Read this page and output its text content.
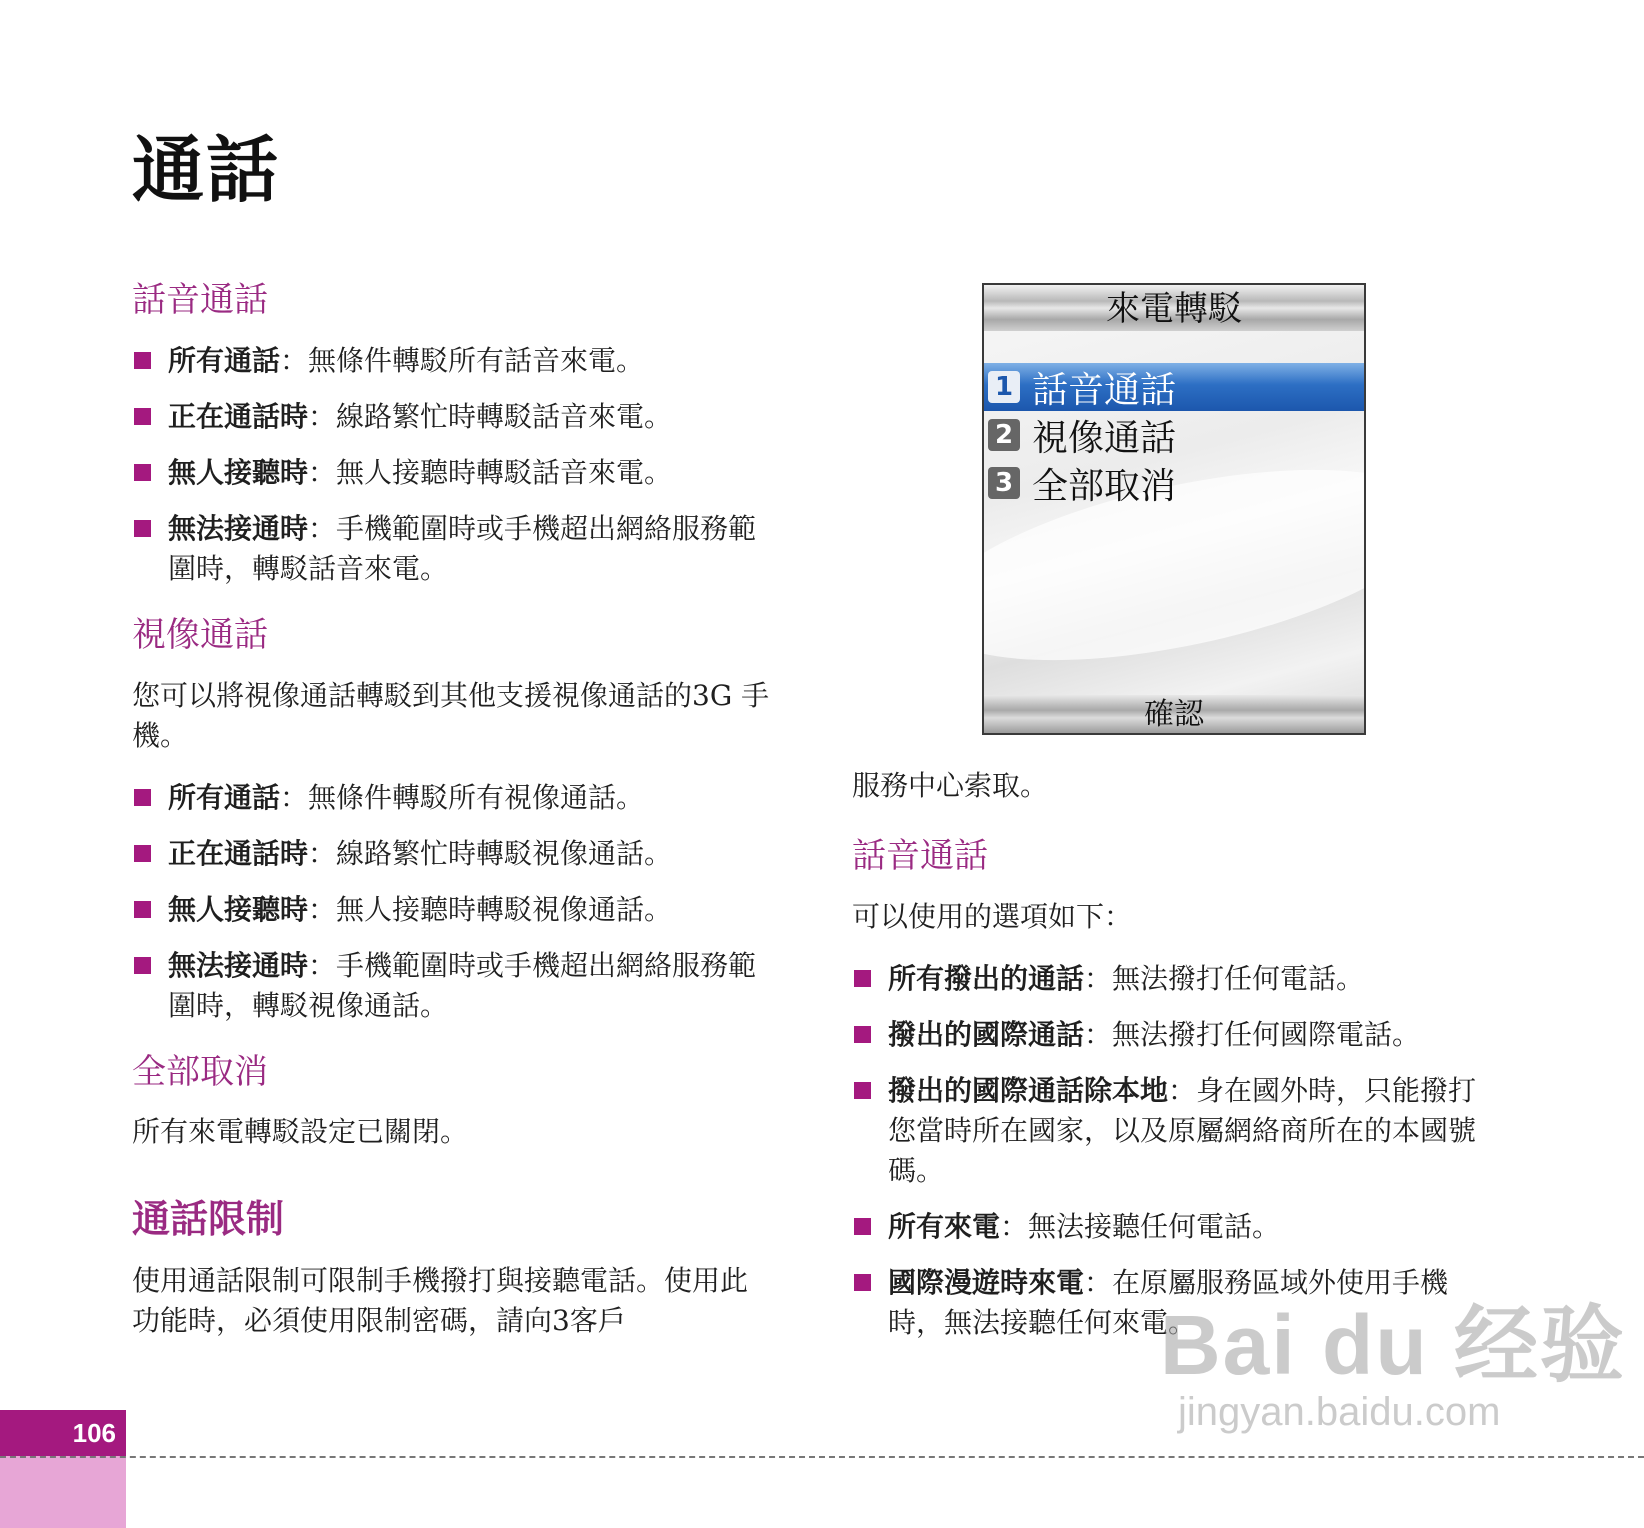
通話
話音通話
所有通話：無條件轉駁所有話音來電。
正在通話時：線路繁忙時轉駁話音來電。
無人接聽時：無人接聽時轉駁話音來電。
無法接通時：手機範圍時或手機超出網絡服務範圍時，轉駁話音來電。
視像通話

您可以將視像通話轉駁到其他支援視像通話的3G 手機。

所有通話：無條件轉駁所有視像通話。
正在通話時：線路繁忙時轉駁視像通話。
無人接聽時：無人接聽時轉駁視像通話。
無法接通時：手機範圍時或手機超出網絡服務範圍時，轉駁視像通話。
全部取消

所有來電轉駁設定已關閉。

通話限制

使用通話限制可限制手機撥打與接聽電話。使用此功能時，必須使用限制密碼，請向3客戶

來電轉駁
1 話音通話
2 視像通話
3 全部取消
確認

服務中心索取。

話音通話

可以使用的選項如下：

所有撥出的通話：無法撥打任何電話。
撥出的國際通話：無法撥打任何國際電話。
撥出的國際通話除本地：身在國外時，只能撥打您當時所在國家，以及原屬網絡商所在的本國號碼。
所有來電：無法接聽任何電話。
國際漫遊時來電：在原屬服務區域外使用手機時，無法接聽任何來電。
106
Bai du 经验
jingyan.baidu.com
